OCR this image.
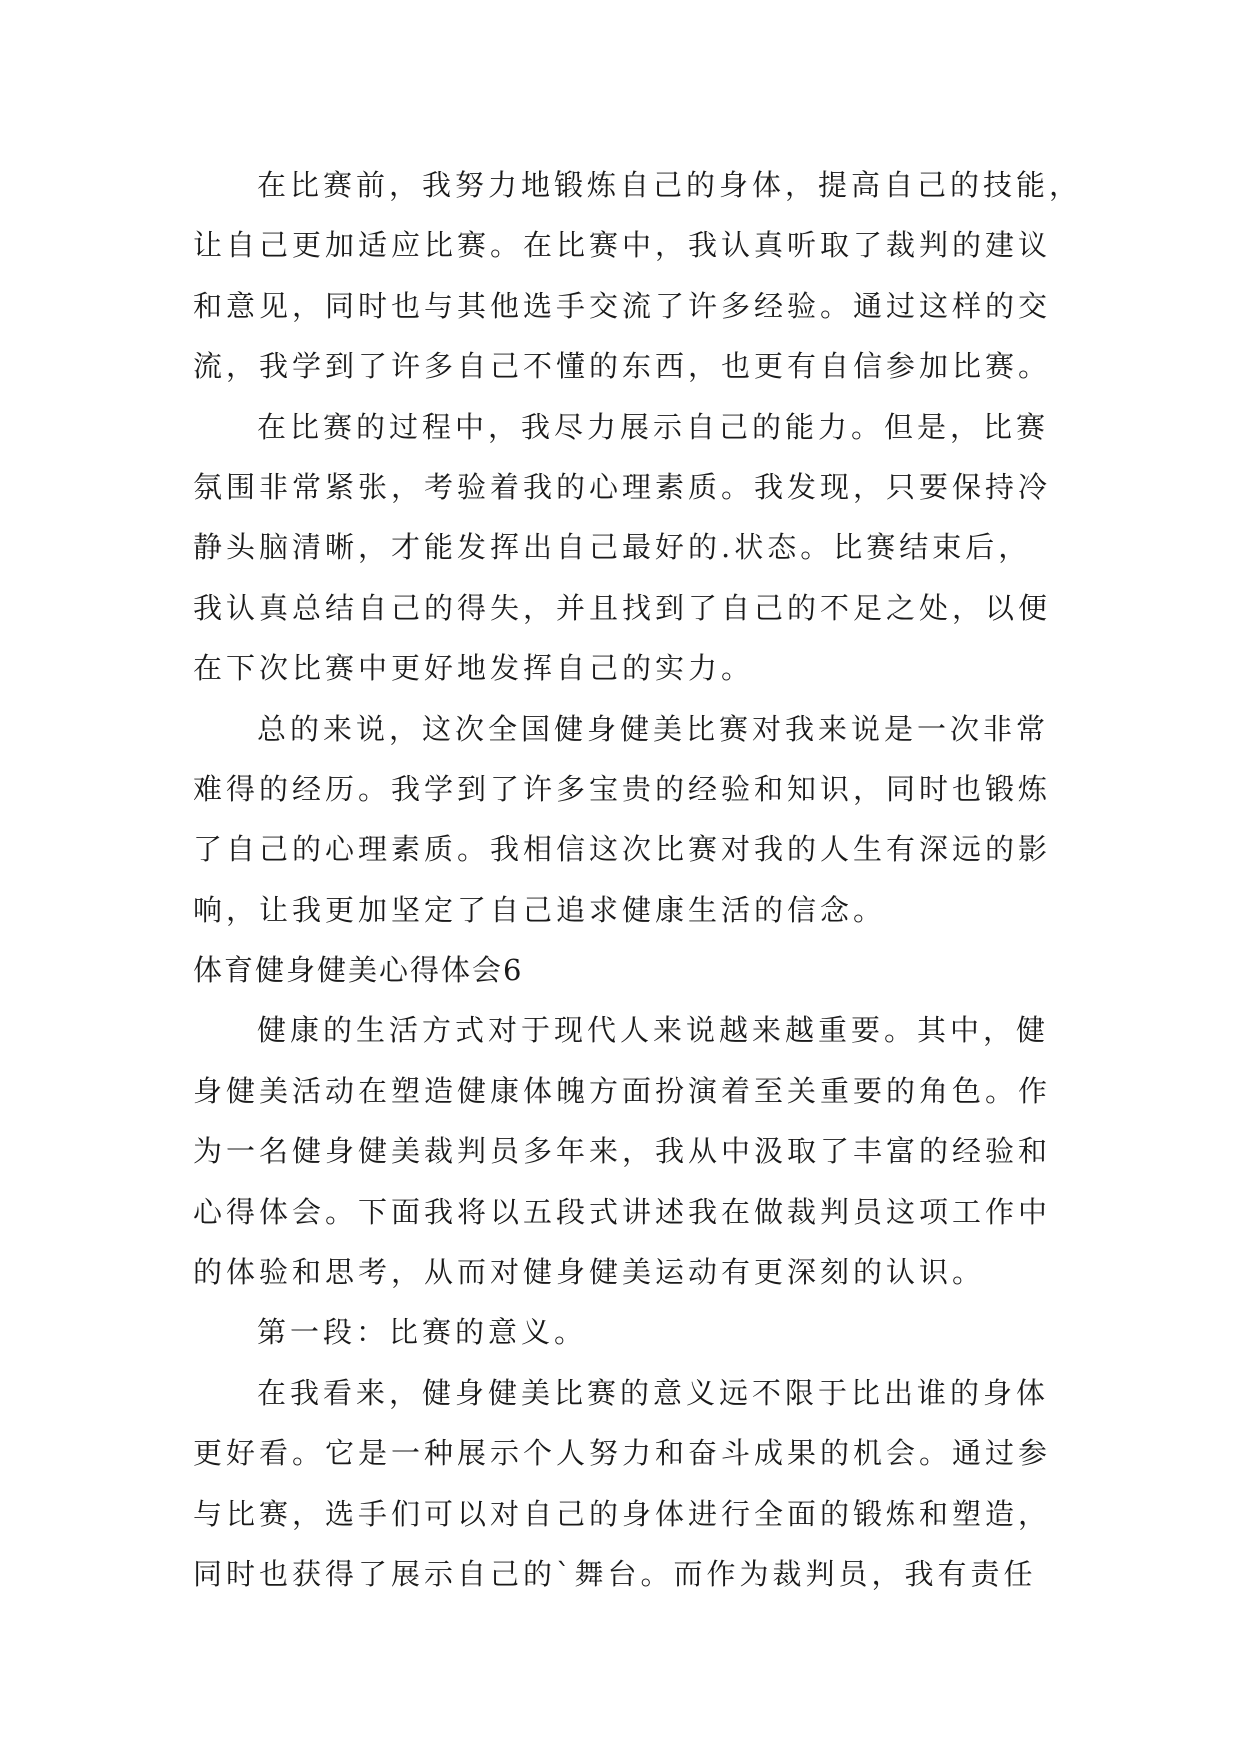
在比赛前，我努力地锻炼自己的身体，提高自己的技能，
让自己更加适应比赛。在比赛中，我认真听取了裁判的建议
和意见，同时也与其他选手交流了许多经验。通过这样的交
流，我学到了许多自己不懂的东西，也更有自信参加比赛。
在比赛的过程中，我尽力展示自己的能力。但是，比赛
氛围非常紧张，考验着我的心理素质。我发现，只要保持冷
静头脑清晰，才能发挥出自己最好的.状态。比赛结束后，
我认真总结自己的得失，并且找到了自己的不足之处，以便
在下次比赛中更好地发挥自己的实力。
总的来说，这次全国健身健美比赛对我来说是一次非常
难得的经历。我学到了许多宝贵的经验和知识，同时也锻炼
了自己的心理素质。我相信这次比赛对我的人生有深远的影
响，让我更加坚定了自己追求健康生活的信念。
体育健身健美心得体会6
健康的生活方式对于现代人来说越来越重要。其中，健
身健美活动在塑造健康体魄方面扮演着至关重要的角色。作
为一名健身健美裁判员多年来，我从中汲取了丰富的经验和
心得体会。下面我将以五段式讲述我在做裁判员这项工作中
的体验和思考，从而对健身健美运动有更深刻的认识。
第一段：比赛的意义。
在我看来，健身健美比赛的意义远不限于比出谁的身体
更好看。它是一种展示个人努力和奋斗成果的机会。通过参
与比赛，选手们可以对自己的身体进行全面的锻炼和塑造，
同时也获得了展示自己的`舞台。而作为裁判员，我有责任
